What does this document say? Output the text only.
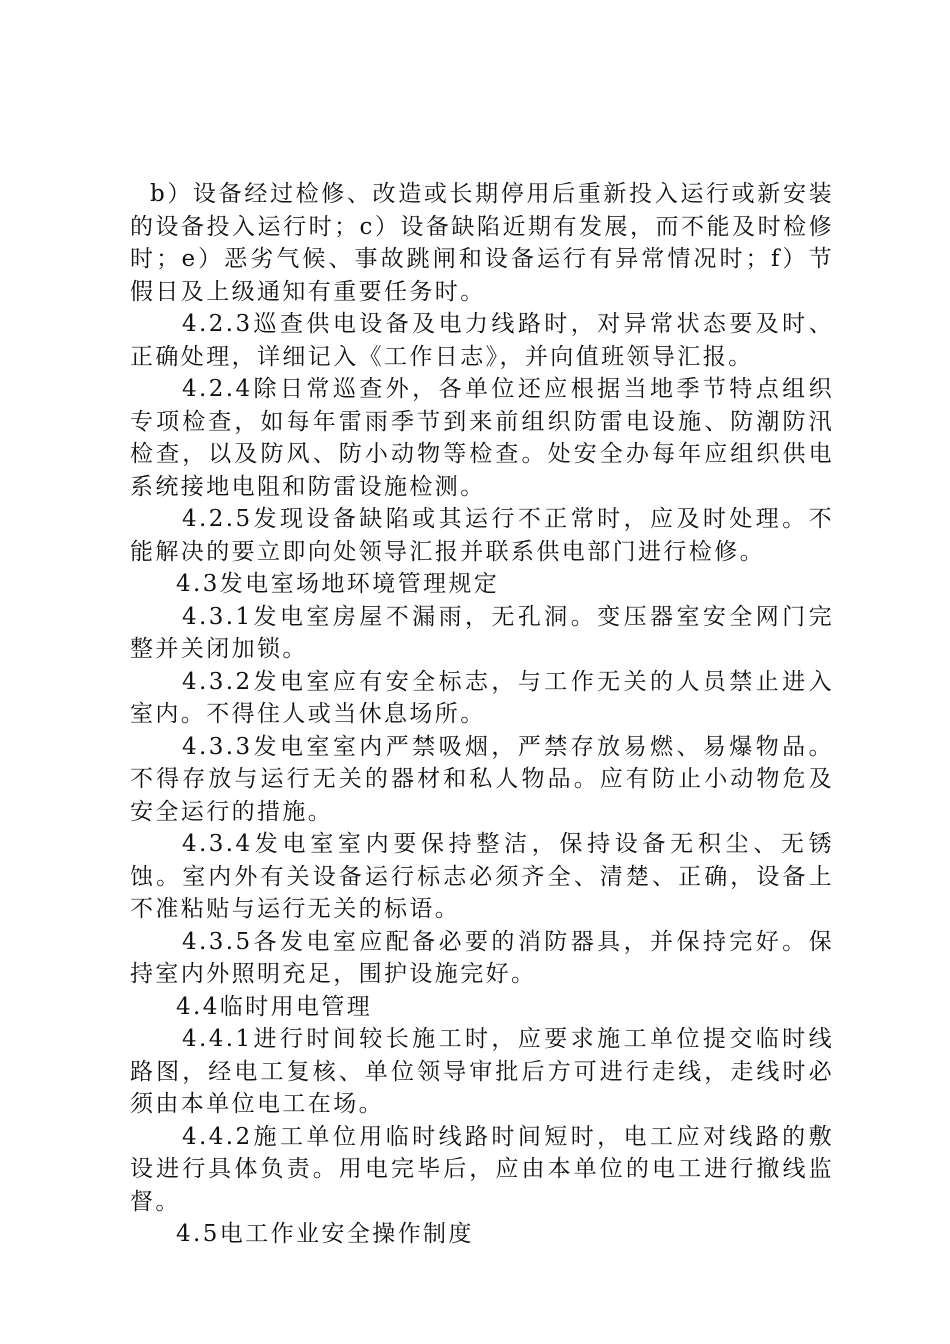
b）设备经过检修、改造或长期停用后重新投入运行或新安装的设备投入运行时；c）设备缺陷近期有发展，而不能及时检修时；e）恶劣气候、事故跳闸和设备运行有异常情况时；f）节假日及上级通知有重要任务时。

4.2.3巡查供电设备及电力线路时，对异常状态要及时、正确处理，详细记入《工作日志》，并向值班领导汇报。

4.2.4除日常巡查外，各单位还应根据当地季节特点组织专项检查，如每年雷雨季节到来前组织防雷电设施、防潮防汛检查，以及防风、防小动物等检查。处安全办每年应组织供电系统接地电阻和防雷设施检测。

4.2.5发现设备缺陷或其运行不正常时，应及时处理。不能解决的要立即向处领导汇报并联系供电部门进行检修。

4.3发电室场地环境管理规定

4.3.1发电室房屋不漏雨，无孔洞。变压器室安全网门完整并关闭加锁。

4.3.2发电室应有安全标志，与工作无关的人员禁止进入室内。不得住人或当休息场所。

4.3.3发电室室内严禁吸烟，严禁存放易燃、易爆物品。不得存放与运行无关的器材和私人物品。应有防止小动物危及安全运行的措施。

4.3.4发电室室内要保持整洁，保持设备无积尘、无锈蚀。室内外有关设备运行标志必须齐全、清楚、正确，设备上不准粘贴与运行无关的标语。

4.3.5各发电室应配备必要的消防器具，并保持完好。保持室内外照明充足，围护设施完好。

4.4临时用电管理

4.4.1进行时间较长施工时，应要求施工单位提交临时线路图，经电工复核、单位领导审批后方可进行走线，走线时必须由本单位电工在场。

4.4.2施工单位用临时线路时间短时，电工应对线路的敷设进行具体负责。用电完毕后，应由本单位的电工进行撤线监督。

4.5电工作业安全操作制度
